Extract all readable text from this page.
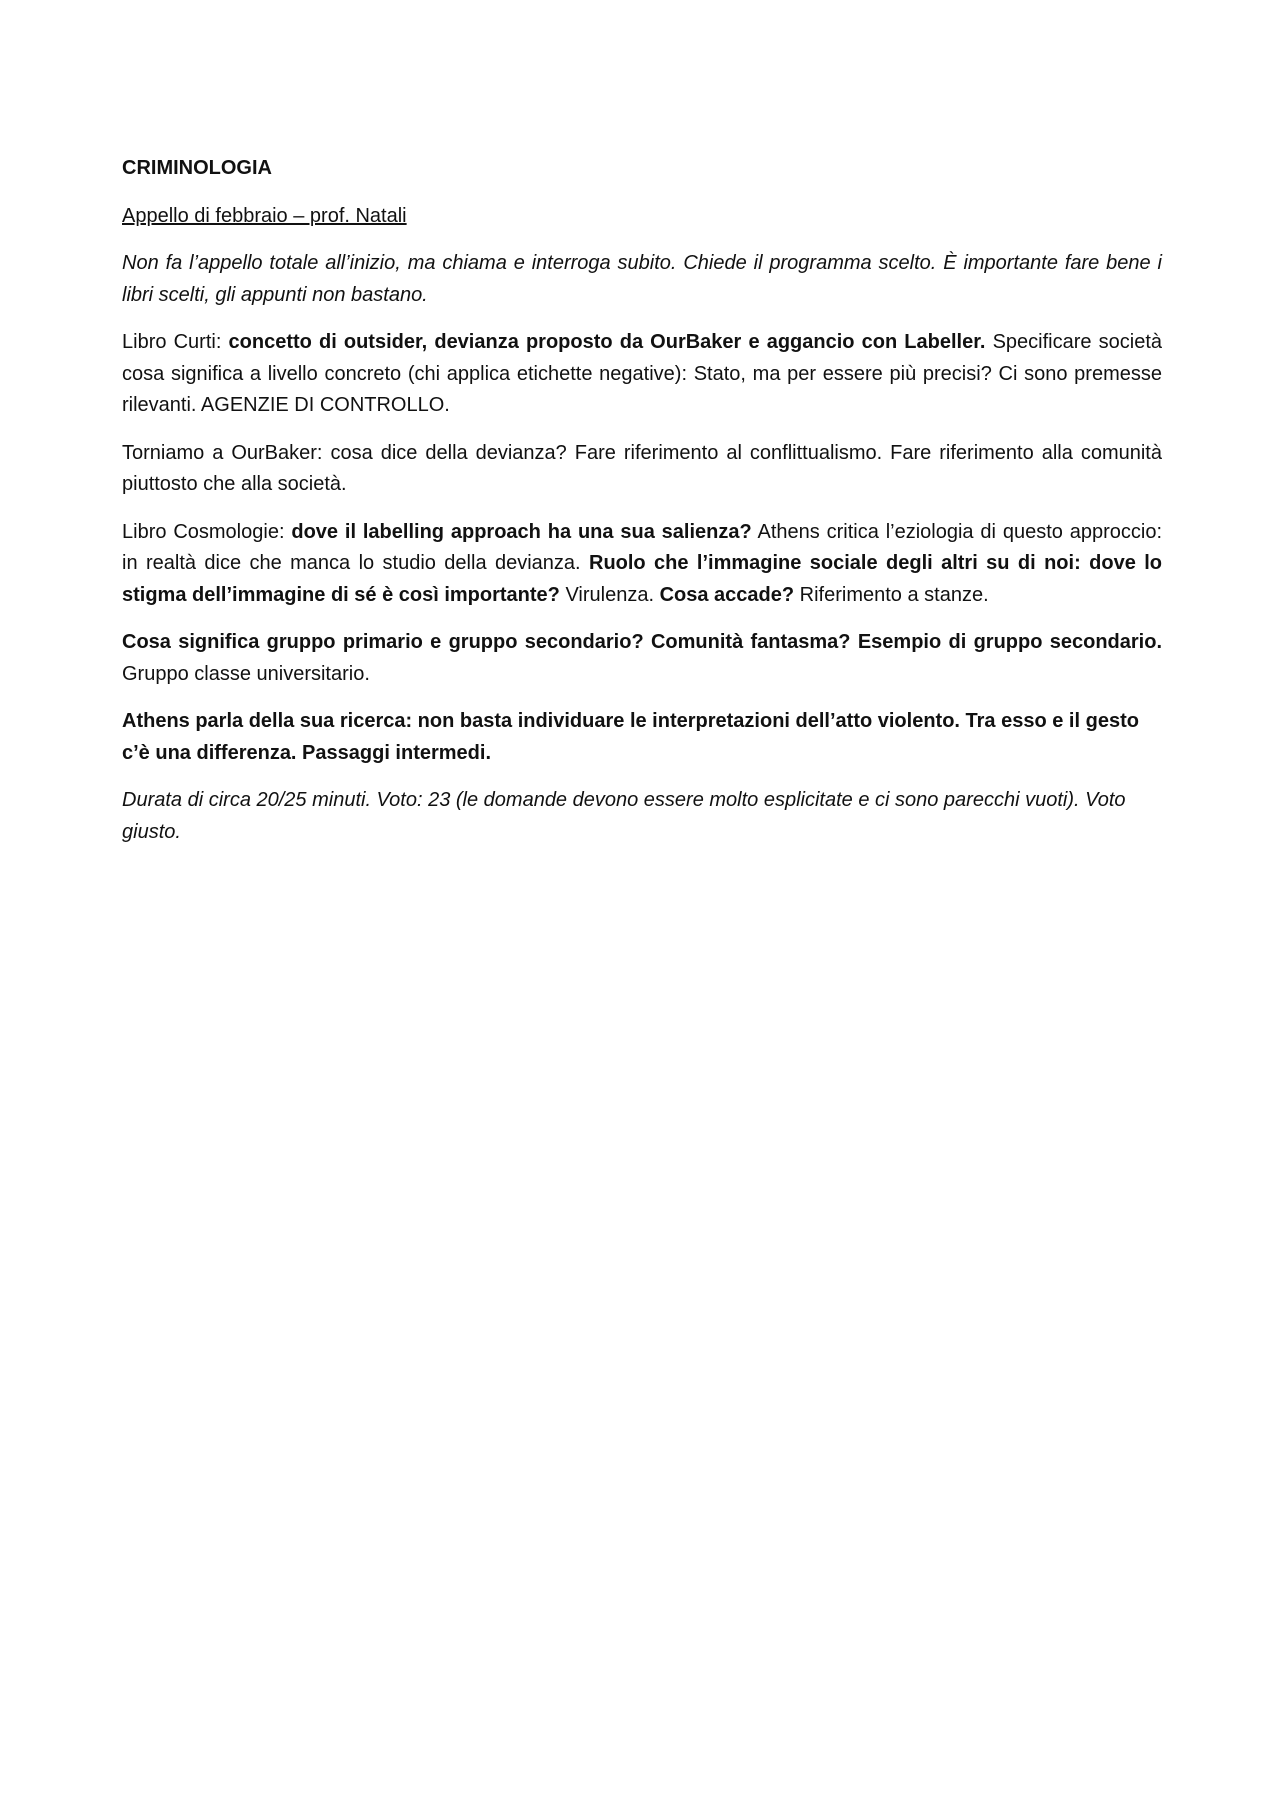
CRIMINOLOGIA
Appello di febbraio – prof. Natali

Non fa l’appello totale all’inizio, ma chiama e interroga subito. Chiede il programma scelto. È importante fare bene i libri scelti, gli appunti non bastano.

Libro Curti: concetto di outsider, devianza proposto da OurBaker e aggancio con Labeller. Specificare società cosa significa a livello concreto (chi applica etichette negative): Stato, ma per essere più precisi? Ci sono premesse rilevanti. AGENZIE DI CONTROLLO.

Torniamo a OurBaker: cosa dice della devianza? Fare riferimento al conflittualismo. Fare riferimento alla comunità piuttosto che alla società.

Libro Cosmologie: dove il labelling approach ha una sua salienza? Athens critica l’eziologia di questo approccio: in realtà dice che manca lo studio della devianza. Ruolo che l’immagine sociale degli altri su di noi: dove lo stigma dell’immagine di sé è così importante? Virulenza. Cosa accade? Riferimento a stanze.

Cosa significa gruppo primario e gruppo secondario? Comunità fantasma? Esempio di gruppo secondario. Gruppo classe universitario.

Athens parla della sua ricerca: non basta individuare le interpretazioni dell’atto violento. Tra esso e il gesto c’è una differenza. Passaggi intermedi.

Durata di circa 20/25 minuti. Voto: 23 (le domande devono essere molto esplicitate e ci sono parecchi vuoti). Voto giusto.
